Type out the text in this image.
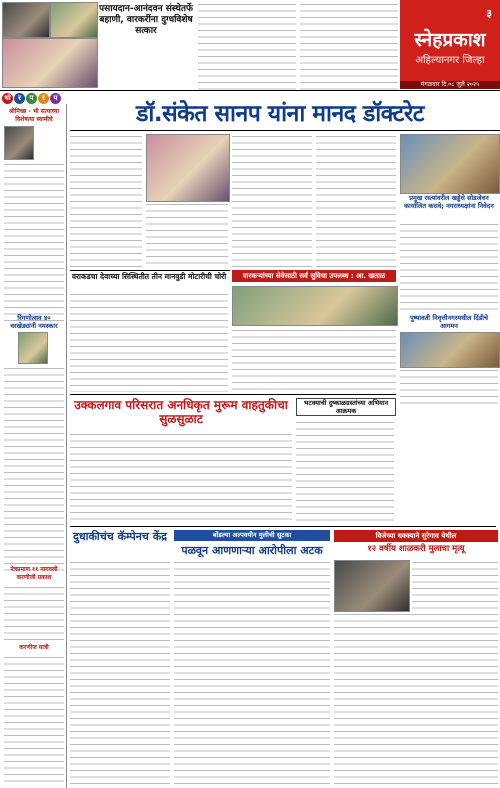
पसायदान-आनंदवन संस्थेतर्फे बहाणी, वारकरींना दुग्धविशेष सत्कार
३
स्नेहप्रकाश
अहिल्यानगर जिल्हा
मंगळवार दि.०८ जुलै २०२५
थो	र	प	र	प
डॉ.संकेत सानप यांना मानद डॉक्टरेट
श्रीमिच्छ - भी सत्याच्या विशेषत्या स्वामीचे
रिंगणोत्सव ४० वरखेड्यांनी नमस्कार
नेत्रप्रमाण ११ नागवली करणीजी प्रकाश
करणीज यात्री
प्रमुख रस्त्यांवरील खड्डेसे सोडजेवन कार्यालित करावे; नगराध्यक्षांना निवेदन
वराकडचा देवाच्या सिस्थितीत तीन मानवुडी मोटारीची चोरी	वारकऱ्यांच्या सेवेसाठी सर्व सुविधा उपलब्ध : आ. खताळ
पुष्पावती निवृत्तीनगरमधील दिंडीचे आगमन
उक्कलगाव परिसरात अनधिकृत मुरूम वाहतुकीचा सुळसुळाट
भटक्याची दुष्काळग्रस्तांच्या अभियान आक्रमक
दुधाकीचंच कॅम्पेनच केंद्र	बोंडल्या अल्पवयीन मुलीची सुटका
पळवून आणणाऱ्या आरोपीला अटक
विजेच्या धक्क्याने सुरेगाव येथील
१२ वर्षीय शाळकरी मुलाचा मृत्यू
